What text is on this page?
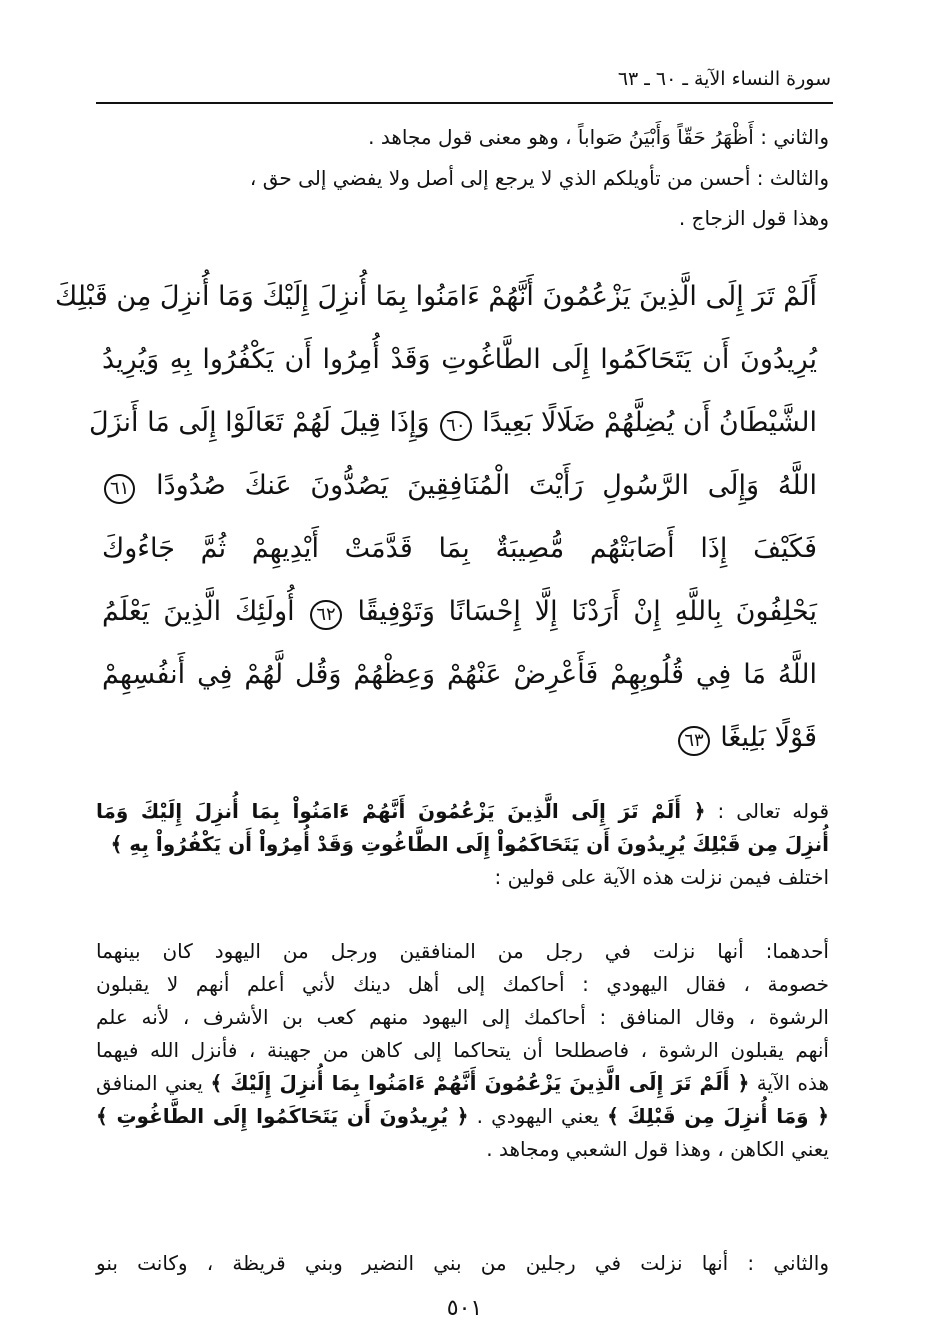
سورة النساء الآية ـ ٦٠ ـ ٦٣
والثاني : أَظْهَرُ حَقّاً وَأَبْيَنُ صَواباً ، وهو معنى قول مجاهد .
والثالث : أحسن من تأويلكم الذي لا يرجع إلى أصل ولا يفضي إلى حق ،
وهذا قول الزجاج .
أَلَمْ تَرَ إِلَى الَّذِينَ يَزْعُمُونَ أَنَّهُمْ ءَامَنُوا بِمَا أُنزِلَ إِلَيْكَ وَمَا أُنزِلَ مِن قَبْلِكَ
يُرِيدُونَ أَن يَتَحَاكَمُوا إِلَى الطَّاغُوتِ وَقَدْ أُمِرُوا أَن يَكْفُرُوا بِهِ وَيُرِيدُ
الشَّيْطَانُ أَن يُضِلَّهُمْ ضَلَالًا بَعِيدًا ٦٠ وَإِذَا قِيلَ لَهُمْ تَعَالَوْا إِلَى مَا أَنزَلَ
اللَّهُ وَإِلَى الرَّسُولِ رَأَيْتَ الْمُنَافِقِينَ يَصُدُّونَ عَنكَ صُدُودًا ٦١
فَكَيْفَ إِذَا أَصَابَتْهُم مُّصِيبَةٌ بِمَا قَدَّمَتْ أَيْدِيهِمْ ثُمَّ جَاءُوكَ
يَحْلِفُونَ بِاللَّهِ إِنْ أَرَدْنَا إِلَّا إِحْسَانًا وَتَوْفِيقًا ٦٢ أُولَئِكَ الَّذِينَ يَعْلَمُ
اللَّهُ مَا فِي قُلُوبِهِمْ فَأَعْرِضْ عَنْهُمْ وَعِظْهُمْ وَقُل لَّهُمْ فِي أَنفُسِهِمْ
قَوْلًا بَلِيغًا ٦٣
قوله تعالى : ﴿ أَلَمْ تَرَ إِلَى الَّذِينَ يَزْعُمُونَ أَنَّهُمْ ءَامَنُواْ بِمَا أُنزِلَ إِلَيْكَ وَمَا
أُنزِلَ مِن قَبْلِكَ يُرِيدُونَ أَن يَتَحَاكَمُواْ إِلَى الطَّاغُوتِ وَقَدْ أُمِرُواْ أَن يَكْفُرُواْ بِهِ ﴾
اختلف فيمن نزلت هذه الآية على قولين :
أحدهما: أنها نزلت في رجل من المنافقين ورجل من اليهود كان بينهما
خصومة ، فقال اليهودي : أحاكمك إلى أهل دينك لأني أعلم أنهم لا يقبلون
الرشوة ، وقال المنافق : أحاكمك إلى اليهود منهم كعب بن الأشرف ، لأنه علم
أنهم يقبلون الرشوة ، فاصطلحا أن يتحاكما إلى كاهن من جهينة ، فأنزل الله فيهما
هذه الآية ﴿ أَلَمْ تَرَ إِلَى الَّذِينَ يَزْعُمُونَ أَنَّهُمْ ءَامَنُوا بِمَا أُنزِلَ إِلَيْكَ ﴾ يعني المنافق
﴿ وَمَا أُنزِلَ مِن قَبْلِكَ ﴾ يعني اليهودي . ﴿ يُرِيدُونَ أَن يَتَحَاكَمُوا إِلَى الطَّاغُوتِ ﴾
يعني الكاهن ، وهذا قول الشعبي ومجاهد .
والثاني : أنها نزلت في رجلين من بني النضير وبني قريظة ، وكانت بنو
٥٠١
